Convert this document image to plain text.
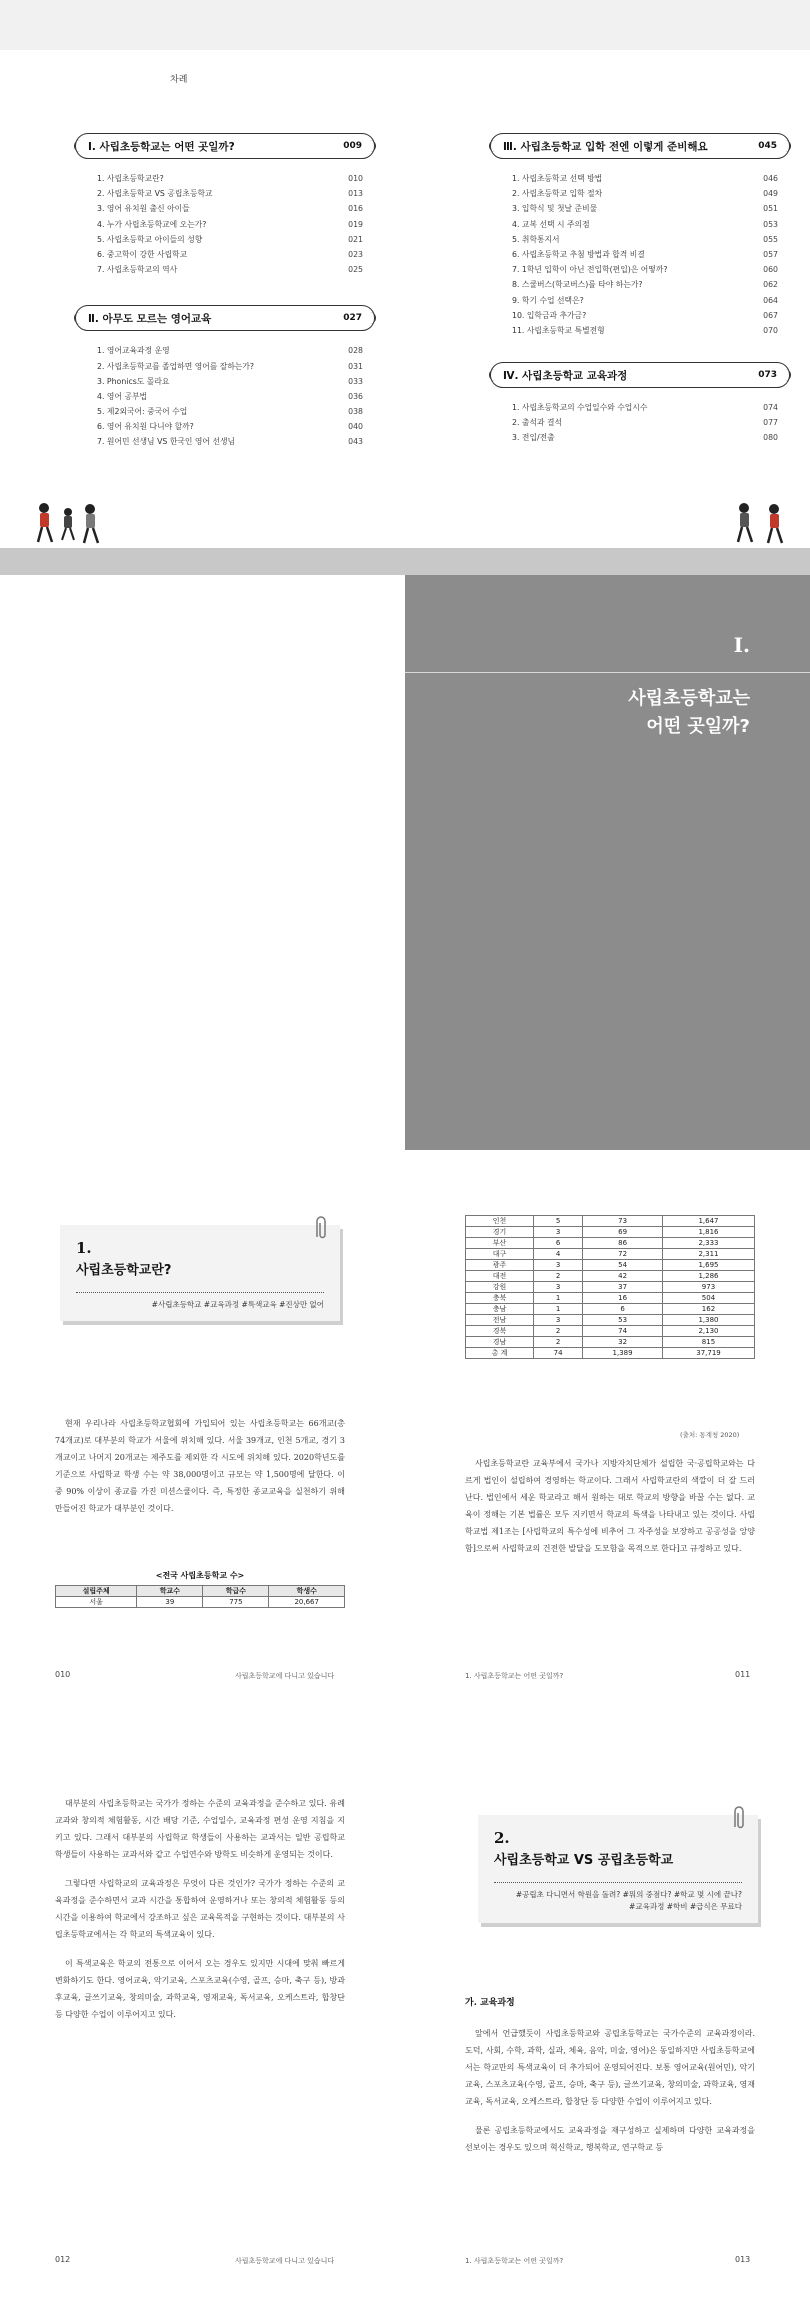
차례
Ⅰ. 사립초등학교는 어떤 곳일까?	009
1. 사립초등학교란?	010
2. 사립초등학교 VS 공립초등학교	013
3. 영어 유치원 출신 아이들	016
4. 누가 사립초등학교에 오는가?	019
5. 사립초등학교 아이들의 성향	021
6. 중고학이 강한 사립학교	023
7. 사립초등학교의 역사	025
Ⅱ. 아무도 모르는 영어교육	027
1. 영어교육과정 운영	028
2. 사립초등학교를 졸업하면 영어를 잘하는가?	031
3. Phonics도 몰라요	033
4. 영어 공부법	036
5. 제2외국어: 중국어 수업	038
6. 영어 유치원 다니야 할까?	040
7. 원어민 선생님 VS 한국인 영어 선생님	043
Ⅲ. 사립초등학교 입학 전엔 이렇게 준비해요	045
1. 사립초등학교 선택 방법	046
2. 사립초등학교 입학 절차	049
3. 입학식 및 첫날 준비물	051
4. 교복 선택 시 주의점	053
5. 취학통지서	055
6. 사립초등학교 추첨 방법과 합격 비결	057
7. 1학년 입학이 아닌 전입학(편입)은 어떻까?	060
8. 스쿨버스(학교버스)를 타야 하는가?	062
9. 학기 수업 선택은?	064
10. 입학금과 추가금?	067
11. 사립초등학교 특별전형	070
Ⅳ. 사립초등학교 교육과정	073
1. 사립초등학교의 수업일수와 수업시수	074
2. 출석과 결석	077
3. 전입/전출	080
Ⅰ.
사립초등학교는
어떤 곳일까?
1.
사립초등학교란?
#사립초등학교 #교육과정 #특색교육 #진상만 없어

현재 우리나라 사립초등학교협회에 가입되어 있는 사립초등학교는 66개교(총 74개교)로 대부분의 학교가 서울에 위치해 있다. 서울 39개교, 인천 5개교, 경기 3개교이고 나머지 20개교는 제주도를 제외한 각 시도에 위치해 있다. 2020학년도를 기준으로 사립학교 학생 수는 약 38,000명이고 규모는 약 1,500명에 달한다. 이 중 90% 이상이 종교를 가진 미션스쿨이다. 즉, 특정한 종교교육을 실천하기 위해 만들어진 학교가 대부분인 것이다.

<전국 사립초등학교 수>
설립주체	학교수	학급수	학생수
서울	39	775	20,667
010	사립초등학교에 다니고 있습니다
인천	5	73	1,647
경기	3	69	1,816
부산	6	86	2,333
대구	4	72	2,311
광주	3	54	1,695
대전	2	42	1,286
강원	3	37	973
충북	1	16	504
충남	1	6	162
전남	3	53	1,380
경북	2	74	2,130
경남	2	32	815
총 계	74	1,389	37,719
(출처: 통계청 2020)

사립초등학교란 교육부에서 국가나 지방자치단체가 설립한 국·공립학교와는 다르게 법인이 설립하여 경영하는 학교이다. 그래서 사립학교란의 색깔이 더 잘 드러난다. 법인에서 세운 학교라고 해서 원하는 대로 학교의 방향을 바꿀 수는 없다. 교육이 정해는 기본 법률은 모두 지키면서 학교의 특색을 나타내고 있는 것이다. 사립학교법 제1조는 [사립학교의 특수성에 비추어 그 자주성을 보장하고 공공성을 앙양함]으로써 사립학교의 건전한 발달을 도모함을 목적으로 한다]고 규정하고 있다.

1. 사립초등학교는 어떤 곳일까?	011

대부분의 사립초등학교는 국가가 정하는 수준의 교육과정을 준수하고 있다. 유례교과와 창의적 체험활동, 시간 배당 기준, 수업일수, 교육과정 편성 운영 지침을 지키고 있다. 그래서 대부분의 사립학교 학생들이 사용하는 교과서는 일반 공립학교 학생들이 사용하는 교과서와 같고 수업연수와 방학도 비슷하게 운영되는 것이다.

그렇다면 사립학교의 교육과정은 무엇이 다른 것인가? 국가가 정하는 수준의 교육과정을 준수하면서 교과 시간을 통합하여 운영하거나 또는 창의적 체험활동 등의 시간을 이용하여 학교에서 강조하고 싶은 교육목적을 구현하는 것이다. 대부분의 사립초등학교에서는 각 학교의 특색교육이 있다.

이 특색교육은 학교의 전통으로 이어서 오는 경우도 있지만 시대에 맞춰 빠르게 변화하기도 한다. 영어교육, 악기교육, 스포츠교육(수영, 골프, 승마, 축구 등), 방과후교육, 글쓰기교육, 창의미술, 과학교육, 영재교육, 독서교육, 오케스트라, 합창단 등 다양한 수업이 이루어지고 있다.

012	사립초등학교에 다니고 있습니다
2.
사립초등학교 VS 공립초등학교
#공립초 다니면서 학원을 돌려? #뭐의 중점다? #학교 몇 시에 끝나?
#교육과정 #학비 #급식은 무료다
가. 교육과정

앞에서 언급했듯이 사립초등학교와 공립초등학교는 국가수준의 교육과정이라. 도덕, 사회, 수학, 과학, 실과, 체육, 음악, 미술, 영어)은 동일하지만 사립초등학교에서는 학교만의 특색교육이 더 추가되어 운영되어진다. 보통 영어교육(원어민), 악기교육, 스포츠교육(수영, 골프, 승마, 축구 등), 글쓰기교육, 창의미술, 과학교육, 영재교육, 독서교육, 오케스트라, 합창단 등 다양한 수업이 이루어지고 있다.

물론 공립초등학교에서도 교육과정을 재구성하고 실제하며 다양한 교육과정을 선보이는 경우도 있으며 혁신학교, 행복학교, 연구학교 등

1. 사립초등학교는 어떤 곳일까?	013
